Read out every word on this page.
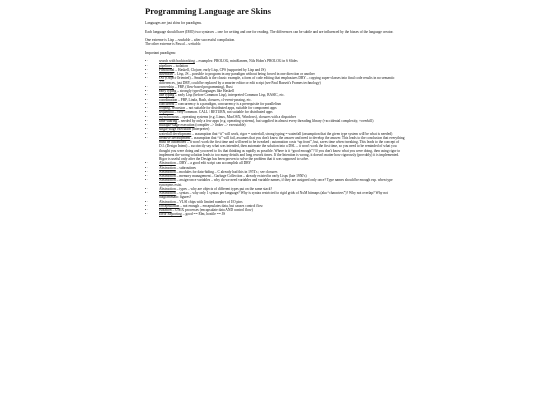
Programming Language are Skins

Languages are just skins for paradigms.

Each language should have (IMO) two syntaxes – one for writing and one for reading. The differences can be subtle and are influenced by the biases of the language creator.

One extreme is Lisp – readable – after successful compilation.

The other extreme is Pascal – writable.

Important paradigms:

• · search with backtracking – examples: PROLOG, miniKanren, Nils Holm's PROLOG in 6 Slides
• · pipelines – isolation
• · Functional – Haskell, Clojure, early Lisp, CPS (supported by Lisp and JS)
• · assembler – Lisp, JS – possible to program in any paradigm without being forced in one direction or another
• · OO (Object Oriented) – Smalltalk is the classic example, a form of code editing that emphasizes DRY – copying super-classes into final code results in no semantic differences, just DRY, could be replaced by a smarter editor or edit script (see Paul Bassett's Frames technology)
• · ownership – FBP, (flow-based programming), Rust
• · early typing – strongly typed languages like Haskell
• · late typing – early Lisp (before Common Lisp), interpreted Common Lisp, BASIC, etc.
• · coordination – FBP, Linda, Bash, closures, cl-event-passing, etc.
• · concurrent – concurrency is a paradigm, concurrency is a prerequisite for parallelism
• · looping, recursion – not suitable for distributed apps, suitable for component apps
• · sequential – very common. CALL / RETURN, not suitable for distributed apps
• · asynchronous – operating systems (e.g. Linux, MacOSX, Windows), closures with a dispatcher
• · time-sharing – needed by only a few apps (e.g. operating systems), but supplied in almost every threading library (+accidental complexity, +overkill)
• · multiple-stage execution (compiler –> linker –> executable)
• · single-stage execution (interpreter)
• · waterfall development – assumption that “it” will work, rigor = waterfall, strong typing = waterfall (assumption that the given type system will be what is needed)
• · iterative development – assumption that “it” will fail, assumes that you don't know the answer and need to develop the answer. This leads to the conclusion that everything must be automated – it won't work the first time and will need to be tweaked ; automation costs “up front”, but, saves time when tweaking. This leads to the concept of D.I. (Design Intent) – succinctly say what was intended, then automate the solution into a DSL – it won't work the first time, so you need to be reminded of what you thought you were doing and you need to fix that thinking as rapidly as possible. Where is it “good enough”? If you don't know what you were doing, then using rigor to implement the wrong solution leads to too many details and long rework times. If the Intention is wrong, it doesn't matter how rigorously (provably) it is implemented. Rigor is useful only after the Design has been proven to solve the problem that it was supposed to solve.
• · Abstraction – DRY – a good edit script can accomplish all DRY
• · Abstraction – subroutines
• · Abstraction – modules for data-hiding – C already had this in 1974's ; see closures
• · Abstraction – memory management – Garbage Collection – already existed in early Lisps (late 1950's)
• · Abstraction – assign-once variables – why do we need variables and variable names, if they are assigned only once? Type names should be enough esp. when type synonyms exist.
• · Abstraction – types – why are objects of different types put on the same stack?
• · Abstraction – syntax – why only 1 syntax per language? Why is syntax restricted to rigid grids of NxM bitmaps (aka “characters”)? Why not overlap? Why not diagrammatic figures?
• · Abstraction – VLSI chips with limited number of I/O pins
• · Encapsulation – not enough – encapsulates data, but causes control flow
• · Isolation – UNIX processes (encapsulate data AND control flow)
• · Error Reporting – good == Elm, hostile == JS
